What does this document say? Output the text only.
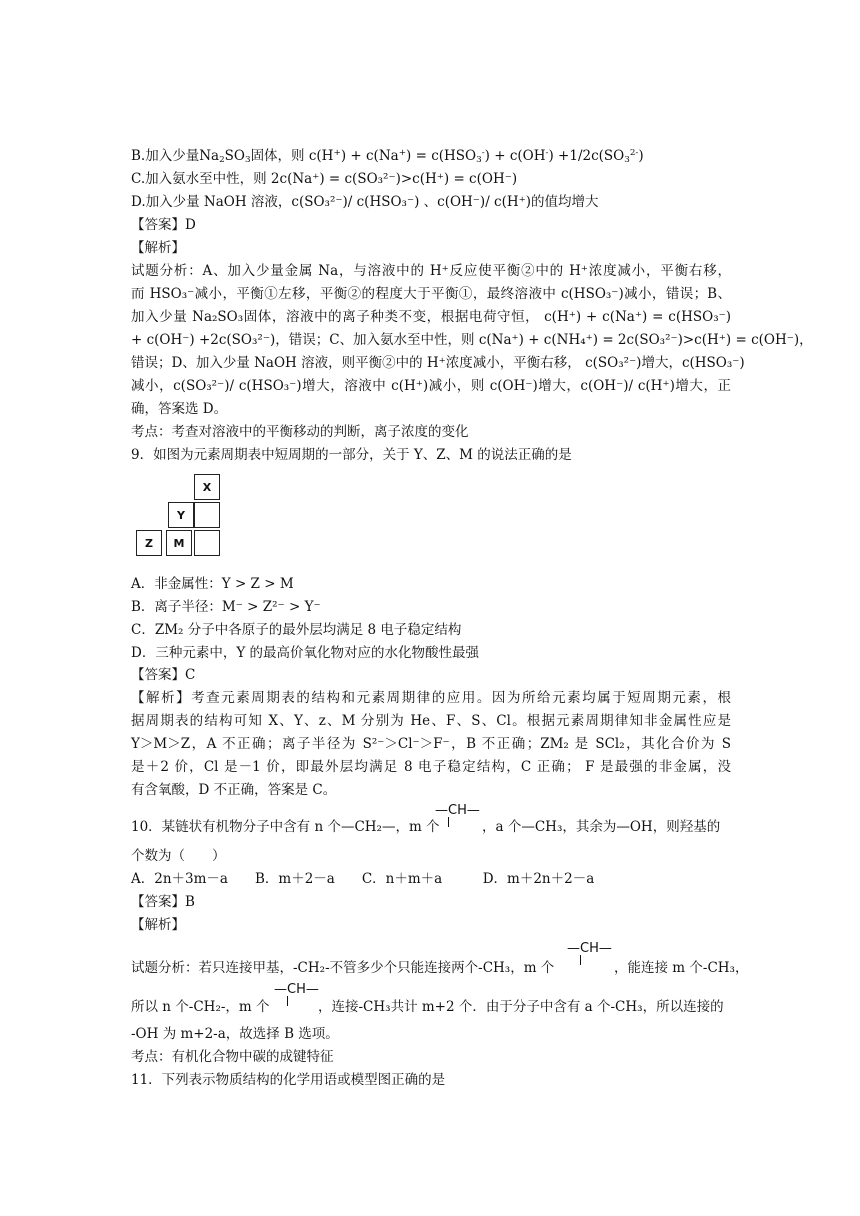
B.加入少量$Na_2SO_3$固体，则 $c(H^+) + c(Na^+) = c(HSO_3^-) + c(OH^-) +1/2c(SO_3^{2-})$
C.加入氨水至中性，则 2c(Na⁺) = c(SO₃²⁻)>c(H⁺) = c(OH⁻)
D.加入少量 NaOH 溶液，c(SO₃²⁻)/ c(HSO₃⁻) 、c(OH⁻)/ c(H⁺)的值均增大
【答案】D
【解析】
试题分析：A、加入少量金属 Na，与溶液中的 H⁺反应使平衡②中的 H⁺浓度减小，平衡右移，
而 HSO₃⁻减小，平衡①左移，平衡②的程度大于平衡①，最终溶液中 c(HSO₃⁻)减小，错误；B、
加入少量 Na₂SO₃固体，溶液中的离子种类不变，根据电荷守恒， c(H⁺) + c(Na⁺) = c(HSO₃⁻)
+ c(OH⁻) +2c(SO₃²⁻)，错误；C、加入氨水至中性，则 c(Na⁺) + c(NH₄⁺) = 2c(SO₃²⁻)>c(H⁺) = c(OH⁻)，
错误；D、加入少量 NaOH 溶液，则平衡②中的 H⁺浓度减小，平衡右移， c(SO₃²⁻)增大，c(HSO₃⁻)
减小，c(SO₃²⁻)/ c(HSO₃⁻)增大，溶液中 c(H⁺)减小，则 c(OH⁻)增大，c(OH⁻)/ c(H⁺)增大，正
确，答案选 D。
考点：考查对溶液中的平衡移动的判断，离子浓度的变化
9．如图为元素周期表中短周期的一部分，关于 Y、Z、M 的说法正确的是
X
Y
Z	M
A．非金属性：Y > Z > M
B．离子半径：M⁻ > Z²⁻ > Y⁻
C．ZM₂ 分子中各原子的最外层均满足 8 电子稳定结构
D．三种元素中，Y 的最高价氧化物对应的水化物酸性最强
【答案】C
【解析】考查元素周期表的结构和元素周期律的应用。因为所给元素均属于短周期元素，根
据周期表的结构可知 X、Y、z、M 分别为 He、F、S、Cl。根据元素周期律知非金属性应是
Y＞M＞Z，A 不正确；离子半径为 S²⁻＞Cl⁻＞F⁻，B 不正确；ZM₂ 是 SCl₂，其化合价为 S
是＋2 价，Cl 是－1 价，即最外层均满足 8 电子稳定结构，C 正确； F 是最强的非金属，没
有含氧酸，D 不正确，答案是 C。
10．某链状有机物分子中含有 n 个—CH₂—，m 个
—CH—
，a 个—CH₃，其余为—OH，则羟基的
个数为（　　）
A．2n＋3m－a　　B．m＋2－a　　C．n＋m＋a　　　D．m＋2n＋2－a
【答案】B
【解析】
试题分析：若只连接甲基，-CH₂-不管多少个只能连接两个-CH₃，m 个
—CH—
，能连接 m 个-CH₃，
所以 n 个-CH₂-，m 个
—CH—
，连接-CH₃共计 m+2 个．由于分子中含有 a 个-CH₃，所以连接的
-OH 为 m+2-a，故选择 B 选项。
考点：有机化合物中碳的成键特征
11．下列表示物质结构的化学用语或模型图正确的是
